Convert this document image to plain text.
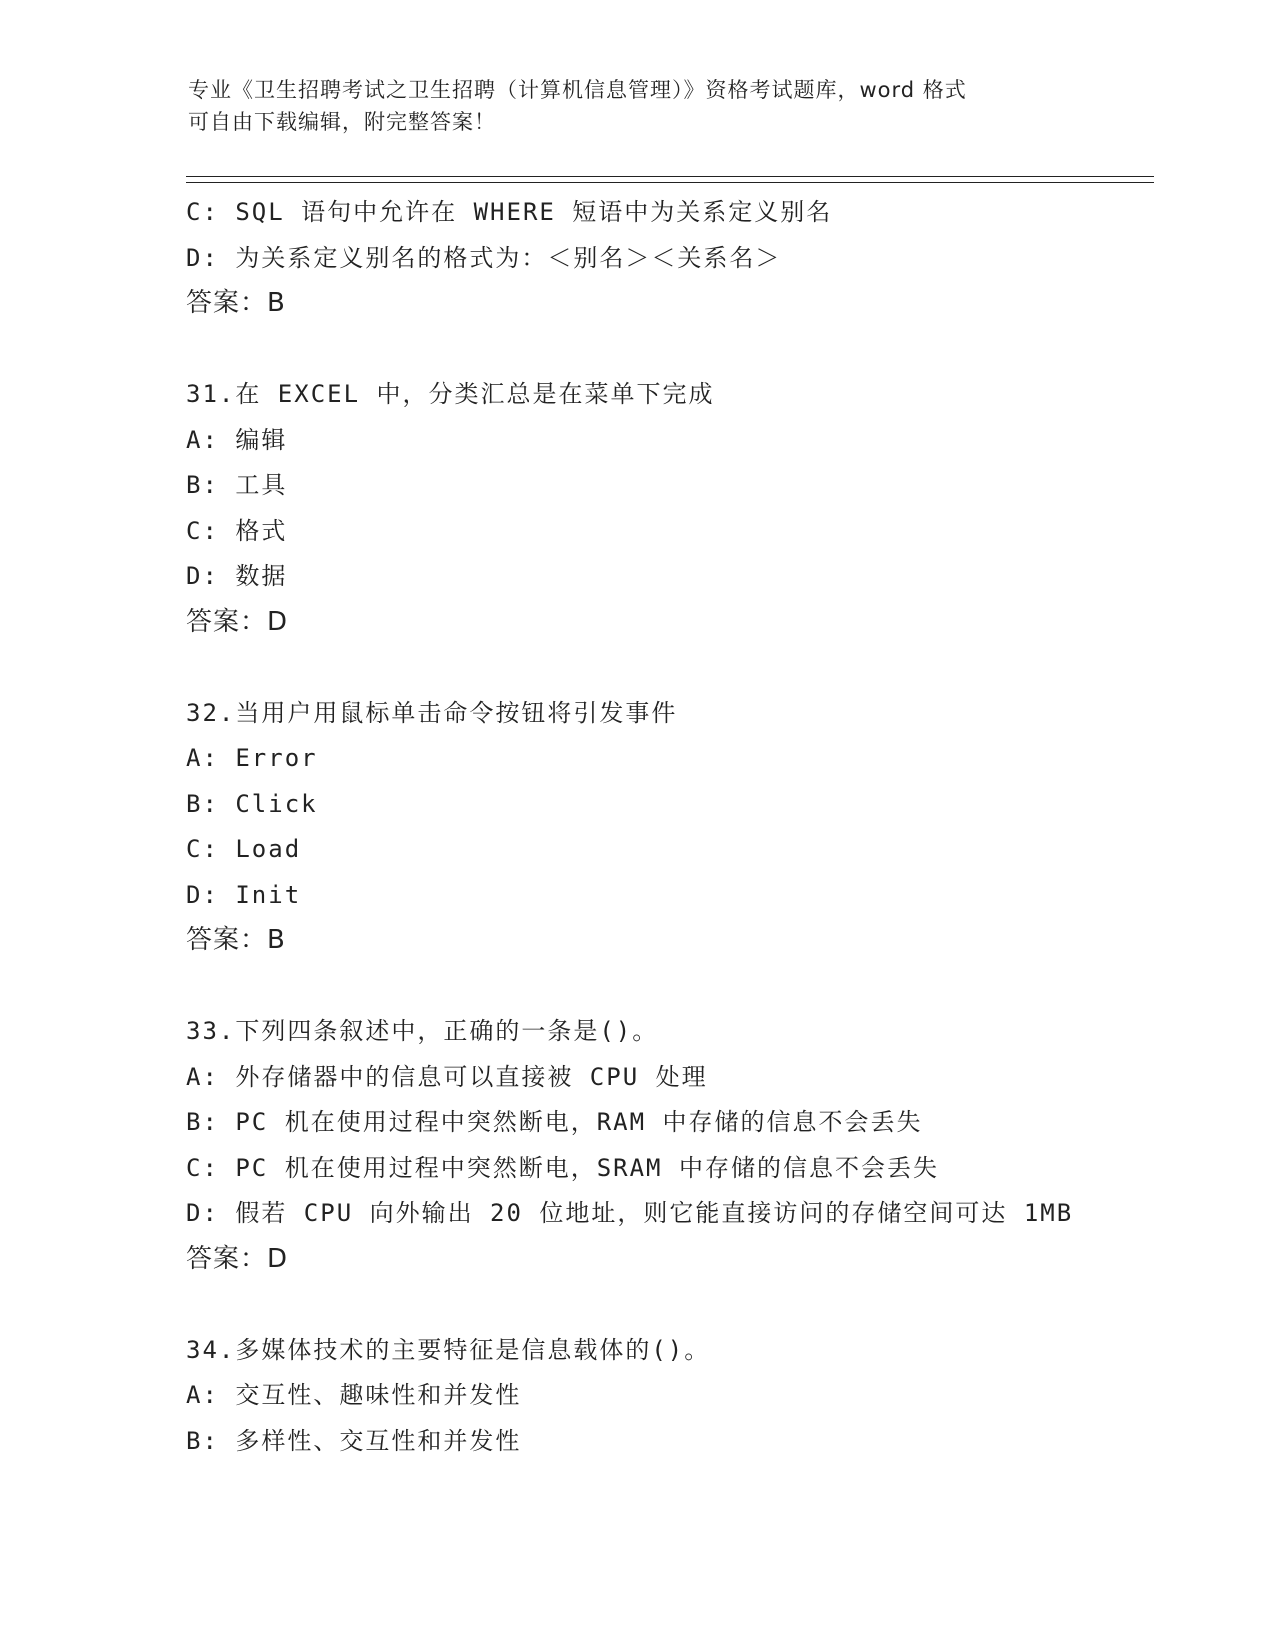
专业《卫生招聘考试之卫生招聘（计算机信息管理）》资格考试题库，word 格式
可自由下载编辑，附完整答案！
C: SQL 语句中允许在 WHERE 短语中为关系定义别名
D: 为关系定义别名的格式为：＜别名＞＜关系名＞
答案：B
31.在 EXCEL 中，分类汇总是在菜单下完成
A: 编辑
B: 工具
C: 格式
D: 数据
答案：D
32.当用户用鼠标单击命令按钮将引发事件
A: Error
B: Click
C: Load
D: Init
答案：B
33.下列四条叙述中，正确的一条是()。
A: 外存储器中的信息可以直接被 CPU 处理
B: PC 机在使用过程中突然断电，RAM 中存储的信息不会丢失
C: PC 机在使用过程中突然断电，SRAM 中存储的信息不会丢失
D: 假若 CPU 向外输出 20 位地址，则它能直接访问的存储空间可达 1MB
答案：D
34.多媒体技术的主要特征是信息载体的()。
A: 交互性、趣味性和并发性
B: 多样性、交互性和并发性
